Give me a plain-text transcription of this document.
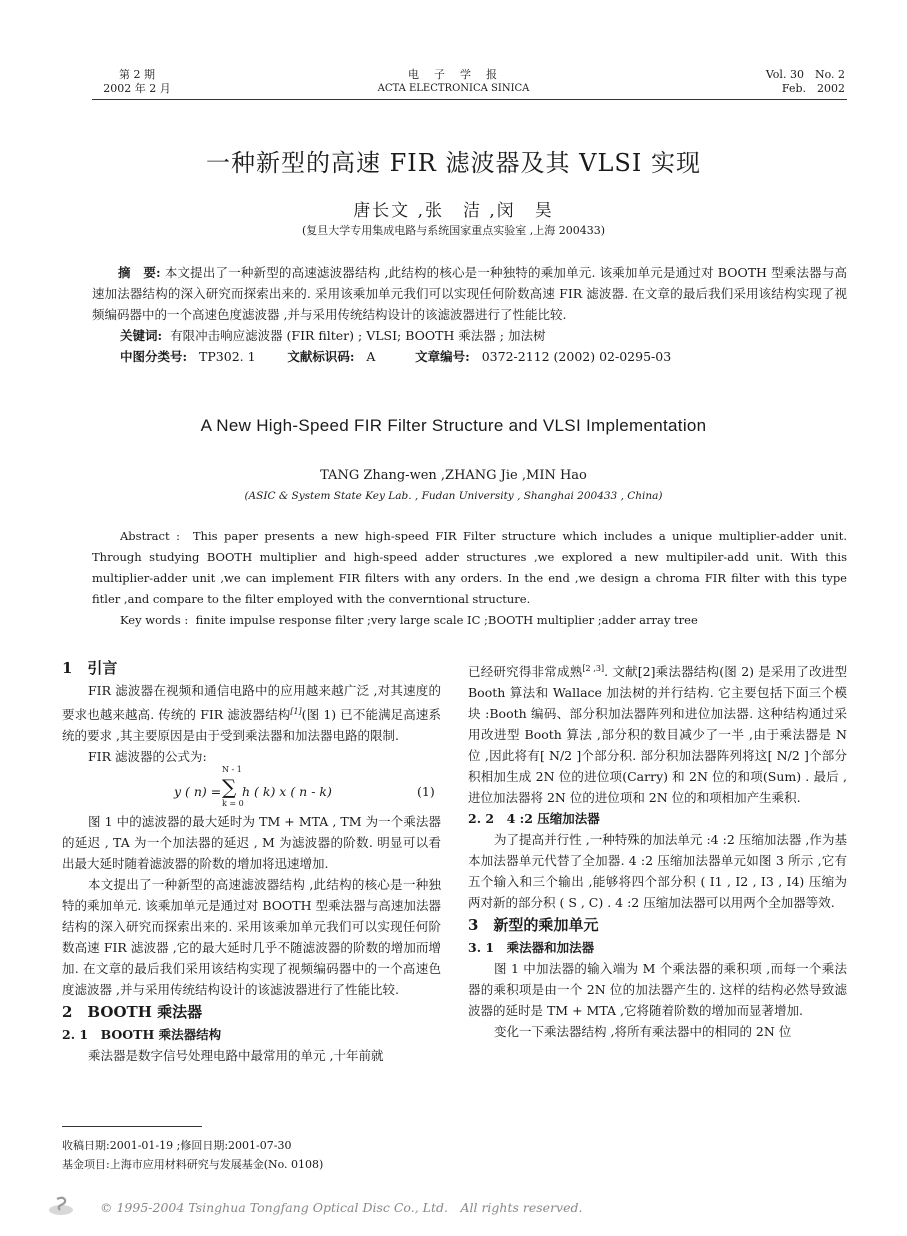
第 2 期
2002 年 2 月
电　子　学　报
ACTA ELECTRONICA SINICA
Vol. 30　No. 2
Feb.　2002
一种新型的高速 FIR 滤波器及其 VLSI 实现
唐长文 ,张　洁 ,闵　昊
(复旦大学专用集成电路与系统国家重点实验室 ,上海 200433)

摘　要: 本文提出了一种新型的高速滤波器结构 ,此结构的核心是一种独特的乘加单元. 该乘加单元是通过对 BOOTH 型乘法器与高速加法器结构的深入研究而探索出来的. 采用该乘加单元我们可以实现任何阶数高速 FIR 滤波器. 在文章的最后我们采用该结构实现了视频编码器中的一个高速色度滤波器 ,并与采用传统结构设计的该滤波器进行了性能比较.

关键词: 有限冲击响应滤波器 (FIR filter) ; VLSI; BOOTH 乘法器 ; 加法树
中图分类号: TP302. 1	文献标识码: A	文章编号: 0372-2112 (2002) 02-0295-03
A New High-Speed FIR Filter Structure and VLSI Implementation
TANG Zhang-wen ,ZHANG Jie ,MIN Hao
(ASIC & System State Key Lab. , Fudan University , Shanghai 200433 , China)
Abstract : This paper presents a new high-speed FIR Filter structure which includes a unique multiplier-adder unit. Through studying BOOTH multiplier and high-speed adder structures ,we explored a new multipiler-add unit. With this multiplier-adder unit ,we can implement FIR filters with any orders. In the end ,we design a chroma FIR filter with this type fitler ,and compare to the filter employed with the converntional structure.
Key words : finite impulse response filter ;very large scale IC ;BOOTH multiplier ;adder array tree

1　引言

FIR 滤波器在视频和通信电路中的应用越来越广泛 ,对其速度的要求也越来越高. 传统的 FIR 滤波器结构[1](图 1) 已不能满足高速系统的要求 ,其主要原因是由于受到乘法器和加法器电路的限制.

FIR 滤波器的公式为:

y ( n) =
N - 1
∑
k = 0
h ( k) x ( n - k)	(1)

图 1 中的滤波器的最大延时为 TM + MTA , TM 为一个乘法器的延迟 , TA 为一个加法器的延迟 , M 为滤波器的阶数. 明显可以看出最大延时随着滤波器的阶数的增加将迅速增加.

本文提出了一种新型的高速滤波器结构 ,此结构的核心是一种独特的乘加单元. 该乘加单元是通过对 BOOTH 型乘法器与高速加法器结构的深入研究而探索出来的. 采用该乘加单元我们可以实现任何阶数高速 FIR 滤波器 ,它的最大延时几乎不随滤波器的阶数的增加而增加. 在文章的最后我们采用该结构实现了视频编码器中的一个高速色度滤波器 ,并与采用传统结构设计的该滤波器进行了性能比较.

2　BOOTH 乘法器

2. 1　BOOTH 乘法器结构

乘法器是数字信号处理电路中最常用的单元 ,十年前就

已经研究得非常成熟[2 ,3]. 文献[2]乘法器结构(图 2) 是采用了改进型 Booth 算法和 Wallace 加法树的并行结构. 它主要包括下面三个模块 :Booth 编码、部分积加法器阵列和进位加法器. 这种结构通过采用改进型 Booth 算法 ,部分积的数目减少了一半 ,由于乘法器是 N 位 ,因此将有[ N/2 ]个部分积. 部分积加法器阵列将这[ N/2 ]个部分积相加生成 2N 位的进位项(Carry) 和 2N 位的和项(Sum) . 最后 ,进位加法器将 2N 位的进位项和 2N 位的和项相加产生乘积.

2. 2　4 :2 压缩加法器

为了提高并行性 ,一种特殊的加法单元 :4 :2 压缩加法器 ,作为基本加法器单元代替了全加器. 4 :2 压缩加法器单元如图 3 所示 ,它有五个输入和三个输出 ,能够将四个部分积 ( I1 , I2 , I3 , I4) 压缩为两对新的部分积 ( S , C) . 4 :2 压缩加法器可以用两个全加器等效.

3　新型的乘加单元

3. 1　乘法器和加法器

图 1 中加法器的输入端为 M 个乘法器的乘积项 ,而每一个乘法器的乘积项是由一个 2N 位的加法器产生的. 这样的结构必然导致滤波器的延时是 TM + MTA ,它将随着阶数的增加而显著增加.

变化一下乘法器结构 ,将所有乘法器中的相同的 2N 位

收稿日期:2001-01-19 ;修回日期:2001-07-30
基金项目:上海市应用材料研究与发展基金(No. 0108)
© 1995-2004 Tsinghua Tongfang Optical Disc Co., Ltd.　All rights reserved.
